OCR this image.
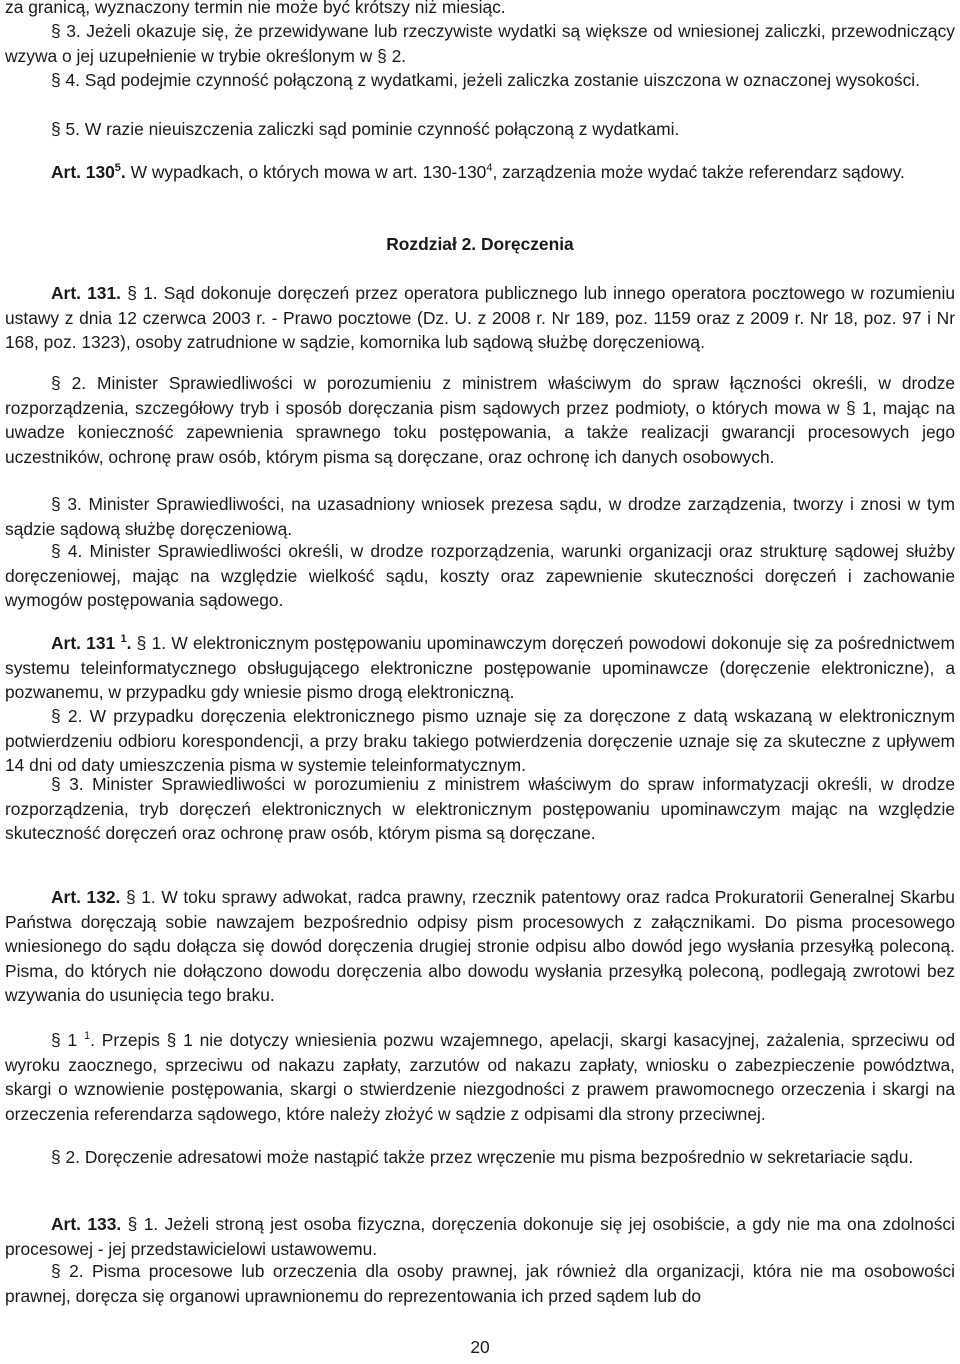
za granicą, wyznaczony termin nie może być krótszy niż miesiąc.

§ 3. Jeżeli okazuje się, że przewidywane lub rzeczywiste wydatki są większe od wniesionej zaliczki, przewodniczący wzywa o jej uzupełnienie w trybie określonym w § 2.

§ 4. Sąd podejmie czynność połączoną z wydatkami, jeżeli zaliczka zostanie uiszczona w oznaczonej wysokości.

§ 5. W razie nieuiszczenia zaliczki sąd pominie czynność połączoną z wydatkami.

Art. $130^5$. W wypadkach, o których mowa w art. $130-130^4$, zarządzenia może wydać także referendarz sądowy.

Rozdział 2. Doręczenia

Art. 131. § 1. Sąd dokonuje doręczeń przez operatora publicznego lub innego operatora pocztowego w rozumieniu ustawy z dnia 12 czerwca 2003 r. - Prawo pocztowe (Dz. U. z 2008 r. Nr 189, poz. 1159 oraz z 2009 r. Nr 18, poz. 97 i Nr 168, poz. 1323), osoby zatrudnione w sądzie, komornika lub sądową służbę doręczeniową.

§ 2. Minister Sprawiedliwości w porozumieniu z ministrem właściwym do spraw łączności określi, w drodze rozporządzenia, szczegółowy tryb i sposób doręczania pism sądowych przez podmioty, o których mowa w § 1, mając na uwadze konieczność zapewnienia sprawnego toku postępowania, a także realizacji gwarancji procesowych jego uczestników, ochronę praw osób, którym pisma są doręczane, oraz ochronę ich danych osobowych.

§ 3. Minister Sprawiedliwości, na uzasadniony wniosek prezesa sądu, w drodze zarządzenia, tworzy i znosi w tym sądzie sądową służbę doręczeniową.

§ 4. Minister Sprawiedliwości określi, w drodze rozporządzenia, warunki organizacji oraz strukturę sądowej służby doręczeniowej, mając na względzie wielkość sądu, koszty oraz zapewnienie skuteczności doręczeń i zachowanie wymogów postępowania sądowego.

Art. 131 $^1$. § 1. W elektronicznym postępowaniu upominawczym doręczeń powodowi dokonuje się za pośrednictwem systemu teleinformatycznego obsługującego elektroniczne postępowanie upominawcze (doręczenie elektroniczne), a pozwanemu, w przypadku gdy wniesie pismo drogą elektroniczną.

§ 2. W przypadku doręczenia elektronicznego pismo uznaje się za doręczone z datą wskazaną w elektronicznym potwierdzeniu odbioru korespondencji, a przy braku takiego potwierdzenia doręczenie uznaje się za skuteczne z upływem 14 dni od daty umieszczenia pisma w systemie teleinformatycznym.

§ 3. Minister Sprawiedliwości w porozumieniu z ministrem właściwym do spraw informatyzacji określi, w drodze rozporządzenia, tryb doręczeń elektronicznych w elektronicznym postępowaniu upominawczym mając na względzie skuteczność doręczeń oraz ochronę praw osób, którym pisma są doręczane.

Art. 132. § 1. W toku sprawy adwokat, radca prawny, rzecznik patentowy oraz radca Prokuratorii Generalnej Skarbu Państwa doręczają sobie nawzajem bezpośrednio odpisy pism procesowych z załącznikami. Do pisma procesowego wniesionego do sądu dołącza się dowód doręczenia drugiej stronie odpisu albo dowód jego wysłania przesyłką poleconą. Pisma, do których nie dołączono dowodu doręczenia albo dowodu wysłania przesyłką poleconą, podlegają zwrotowi bez wzywania do usunięcia tego braku.

§ 1 $^1$. Przepis § 1 nie dotyczy wniesienia pozwu wzajemnego, apelacji, skargi kasacyjnej, zażalenia, sprzeciwu od wyroku zaocznego, sprzeciwu od nakazu zapłaty, zarzutów od nakazu zapłaty, wniosku o zabezpieczenie powództwa, skargi o wznowienie postępowania, skargi o stwierdzenie niezgodności z prawem prawomocnego orzeczenia i skargi na orzeczenia referendarza sądowego, które należy złożyć w sądzie z odpisami dla strony przeciwnej.

§ 2. Doręczenie adresatowi może nastąpić także przez wręczenie mu pisma bezpośrednio w sekretariacie sądu.

Art. 133. § 1. Jeżeli stroną jest osoba fizyczna, doręczenia dokonuje się jej osobiście, a gdy nie ma ona zdolności procesowej - jej przedstawicielowi ustawowemu.

§ 2. Pisma procesowe lub orzeczenia dla osoby prawnej, jak również dla organizacji, która nie ma osobowości prawnej, doręcza się organowi uprawnionemu do reprezentowania ich przed sądem lub do

20
